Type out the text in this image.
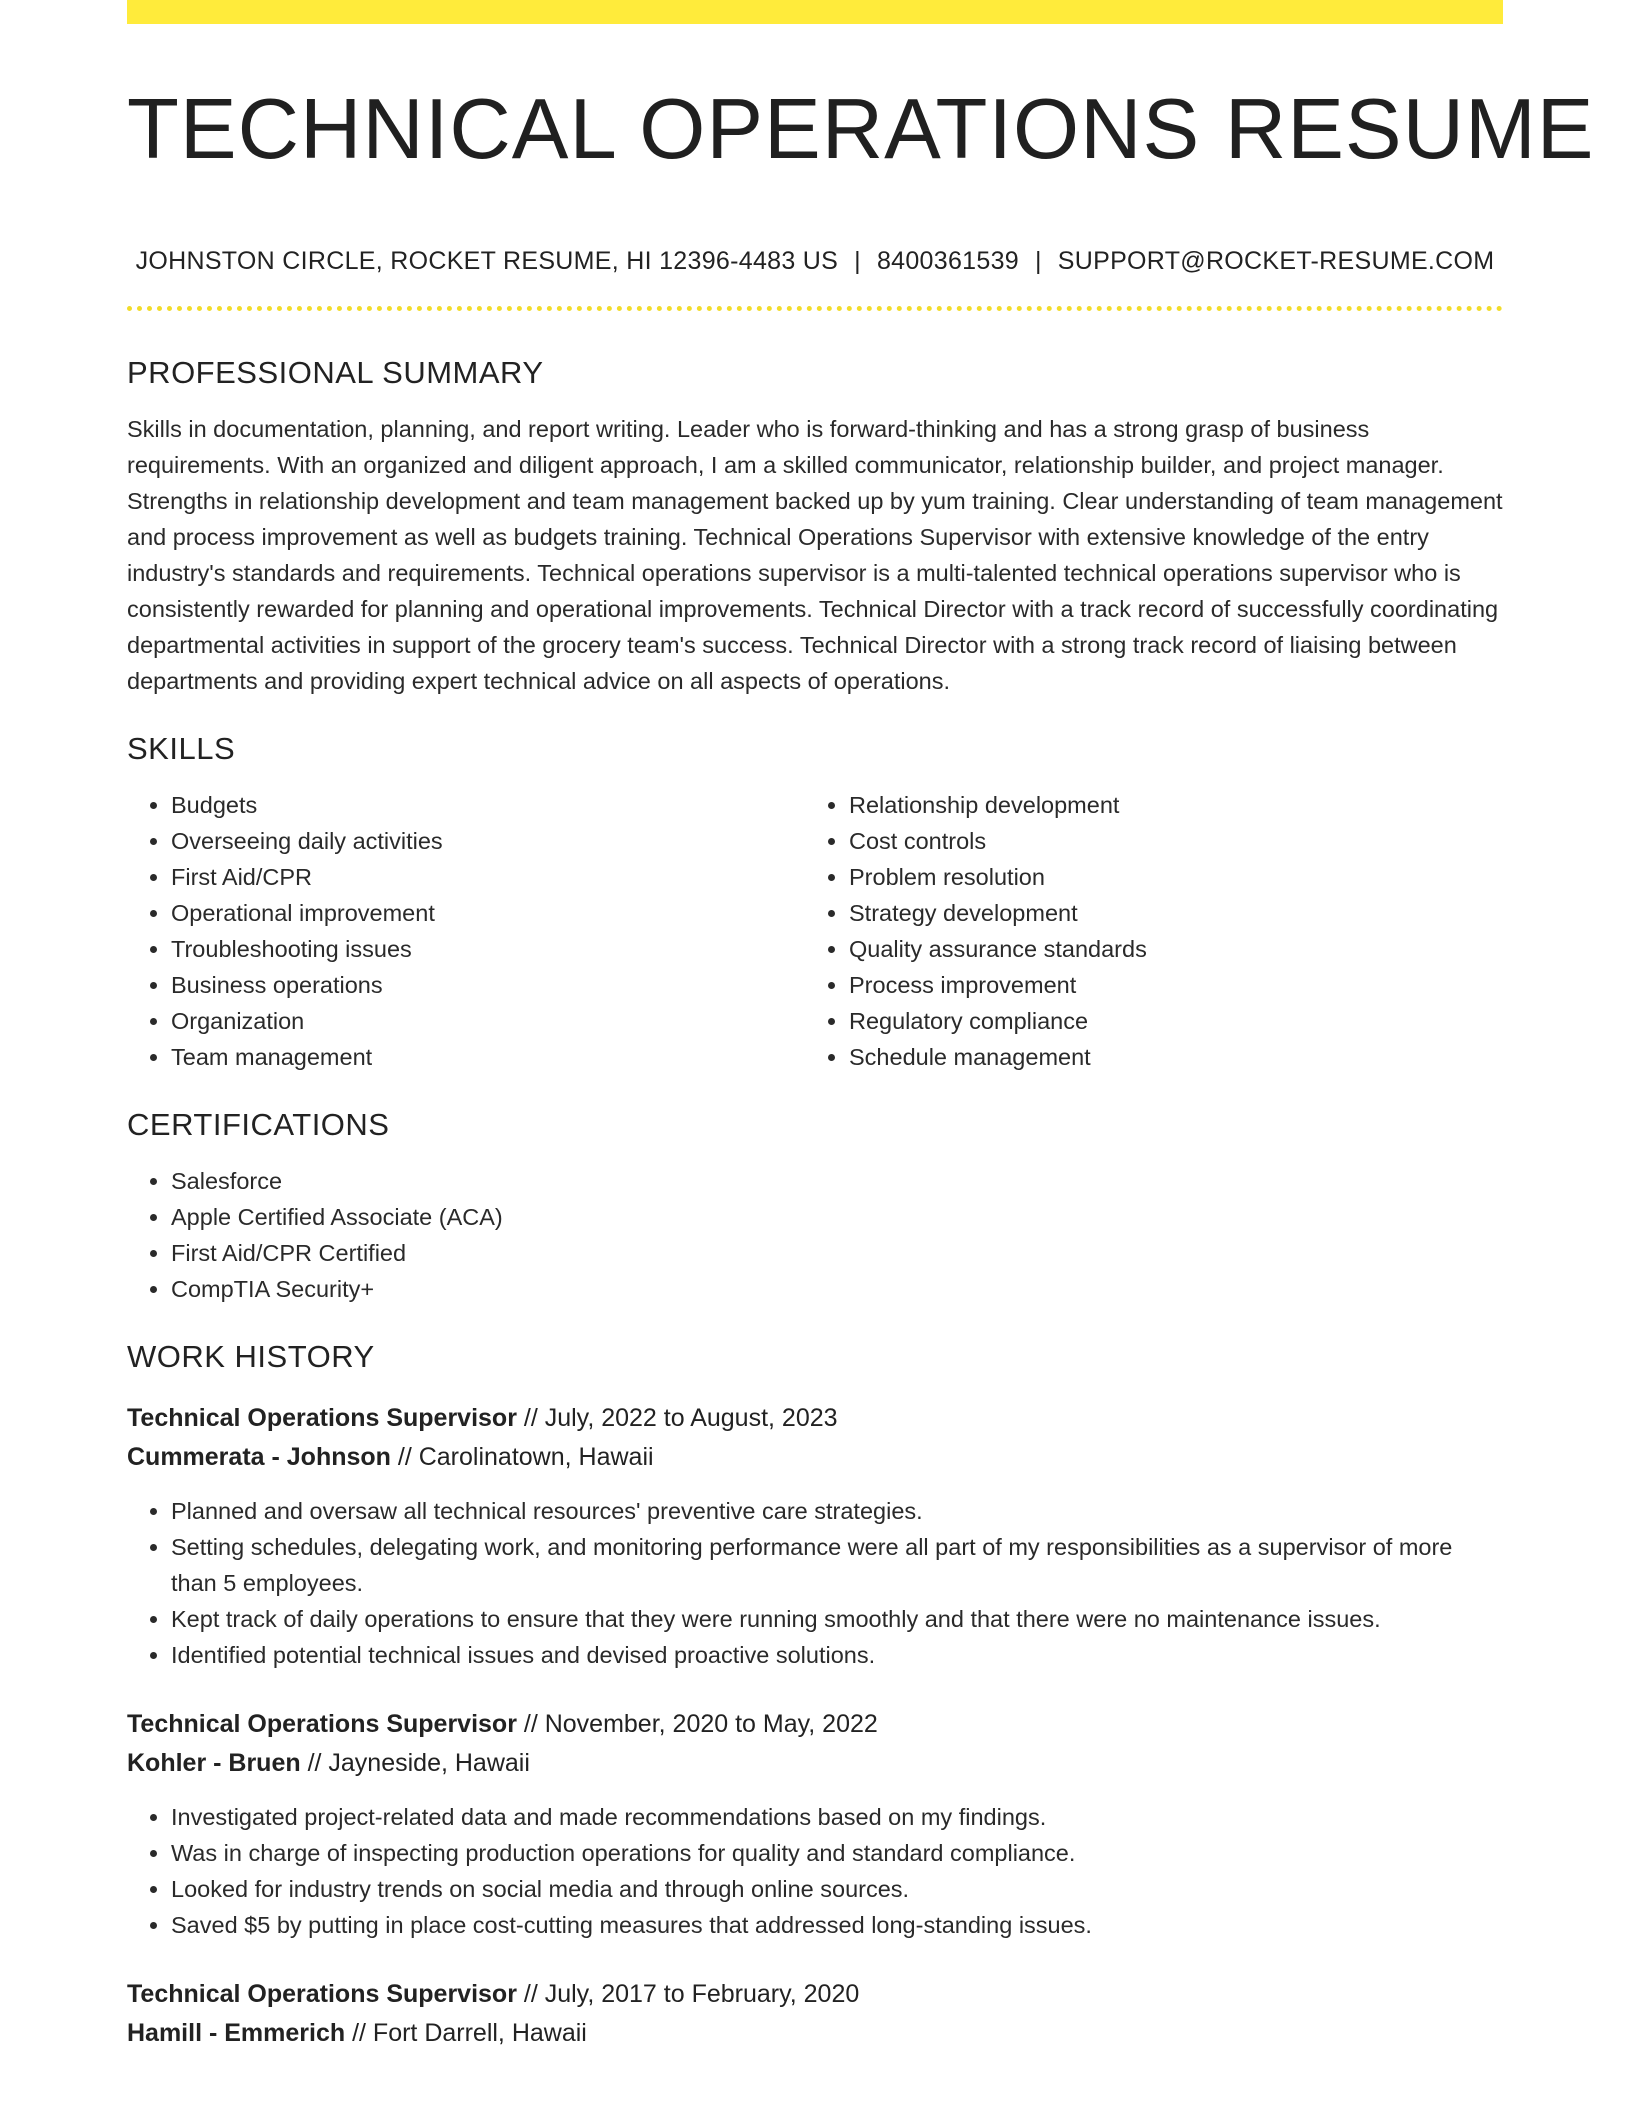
TECHNICAL OPERATIONS RESUME
JOHNSTON CIRCLE, ROCKET RESUME, HI 12396-4483 US | 8400361539 | SUPPORT@ROCKET-RESUME.COM
PROFESSIONAL SUMMARY

Skills in documentation, planning, and report writing. Leader who is forward-thinking and has a strong grasp of business requirements. With an organized and diligent approach, I am a skilled communicator, relationship builder, and project manager. Strengths in relationship development and team management backed up by yum training. Clear understanding of team management and process improvement as well as budgets training. Technical Operations Supervisor with extensive knowledge of the entry industry's standards and requirements. Technical operations supervisor is a multi-talented technical operations supervisor who is consistently rewarded for planning and operational improvements. Technical Director with a track record of successfully coordinating departmental activities in support of the grocery team's success. Technical Director with a strong track record of liaising between departments and providing expert technical advice on all aspects of operations.

SKILLS
• Budgets
• Overseeing daily activities
• First Aid/CPR
• Operational improvement
• Troubleshooting issues
• Business operations
• Organization
• Team management
• Relationship development
• Cost controls
• Problem resolution
• Strategy development
• Quality assurance standards
• Process improvement
• Regulatory compliance
• Schedule management
CERTIFICATIONS
• Salesforce
• Apple Certified Associate (ACA)
• First Aid/CPR Certified
• CompTIA Security+
WORK HISTORY
Technical Operations Supervisor // July, 2022 to August, 2023
Cummerata - Johnson // Carolinatown, Hawaii
• Planned and oversaw all technical resources' preventive care strategies.
• Setting schedules, delegating work, and monitoring performance were all part of my responsibilities as a supervisor of more than 5 employees.
• Kept track of daily operations to ensure that they were running smoothly and that there were no maintenance issues.
• Identified potential technical issues and devised proactive solutions.
Technical Operations Supervisor // November, 2020 to May, 2022
Kohler - Bruen // Jayneside, Hawaii
• Investigated project-related data and made recommendations based on my findings.
• Was in charge of inspecting production operations for quality and standard compliance.
• Looked for industry trends on social media and through online sources.
• Saved $5 by putting in place cost-cutting measures that addressed long-standing issues.
Technical Operations Supervisor // July, 2017 to February, 2020
Hamill - Emmerich // Fort Darrell, Hawaii
